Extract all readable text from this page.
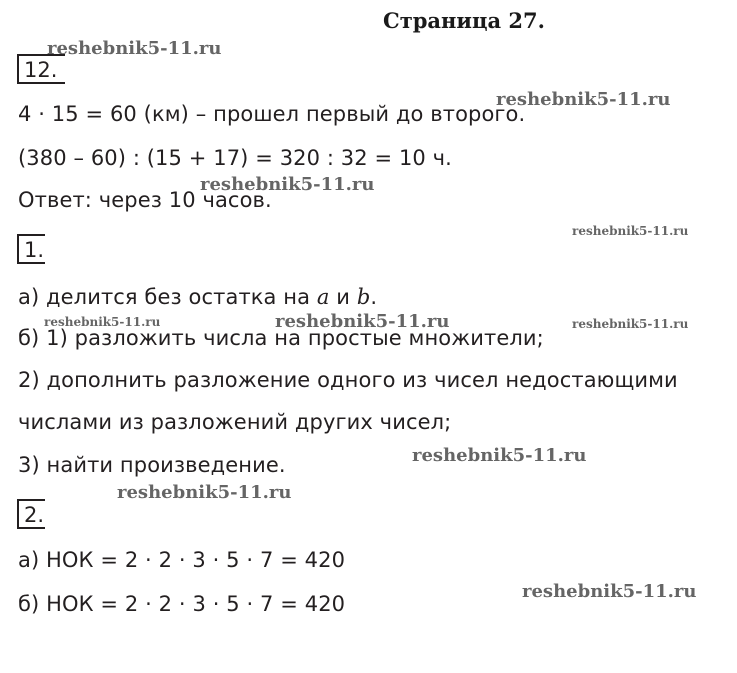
Страница 27.
12.
4 · 15 = 60 (км) – прошел первый до второго.
(380 – 60) : (15 + 17) = 320 : 32 = 10 ч.
Ответ: через 10 часов.
1.
а) делится без остатка на a и b.
б) 1) разложить числа на простые множители;
2) дополнить разложение одного из чисел недостающими
числами из разложений других чисел;
3) найти произведение.
2.
а) НОК = 2 · 2 · 3 · 5 · 7 = 420
б) НОК = 2 · 2 · 3 · 5 · 7 = 420
reshebnik5-11.ru
reshebnik5-11.ru
reshebnik5-11.ru
reshebnik5-11.ru
reshebnik5-11.ru	reshebnik5-11.ru	reshebnik5-11.ru
reshebnik5-11.ru
reshebnik5-11.ru
reshebnik5-11.ru
